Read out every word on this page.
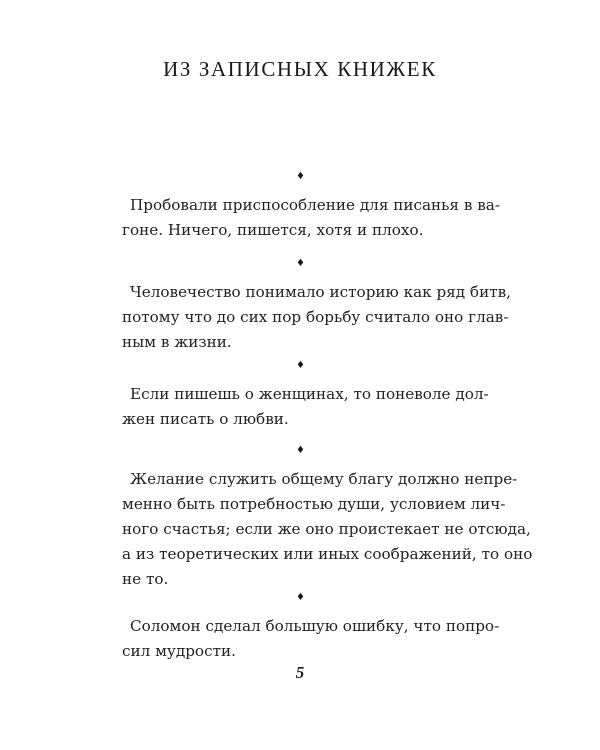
ИЗ ЗАПИСНЫХ КНИЖЕК
♦

Пробовали приспособление для писанья в ва-
гоне. Ничего, пишется, хотя и плохо.

♦

Человечество понимало историю как ряд битв,
потому что до сих пор борьбу считало оно глав-
ным в жизни.

♦

Если пишешь о женщинах, то поневоле дол-
жен писать о любви.

♦

Желание служить общему благу должно непре-
менно быть потребностью души, условием лич-
ного счастья; если же оно проистекает не отсюда,
а из теоретических или иных соображений, то оно
не то.

♦

Соломон сделал большую ошибку, что попро-
сил мудрости.

5
